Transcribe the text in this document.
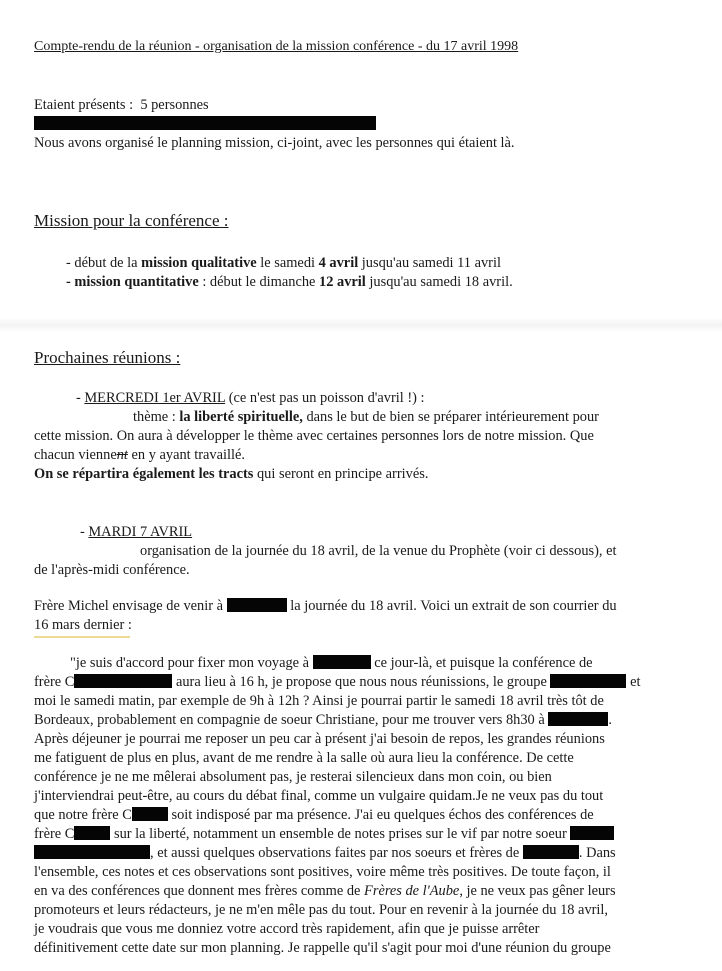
Compte-rendu de la réunion - organisation de la mission conférence - du 17 avril 1998
Etaient présents : 5 personnes
Nous avons organisé le planning mission, ci-joint, avec les personnes qui étaient là.
Mission pour la conférence :
- début de la mission qualitative le samedi 4 avril jusqu'au samedi 11 avril
- mission quantitative : début le dimanche 12 avril jusqu'au samedi 18 avril.
Prochaines réunions :
- MERCREDI 1er AVRIL (ce n'est pas un poisson d'avril !) :
thème : la liberté spirituelle, dans le but de bien se préparer intérieurement pour
cette mission. On aura à développer le thème avec certaines personnes lors de notre mission. Que
chacun viennent en y ayant travaillé.
On se répartira également les tracts qui seront en principe arrivés.
- MARDI 7 AVRIL
organisation de la journée du 18 avril, de la venue du Prophète (voir ci dessous), et
de l'après-midi conférence.
Frère Michel envisage de venir à	la journée du 18 avril. Voici un extrait de son courrier du
16 mars dernier :
"je suis d'accord pour fixer mon voyage à	ce jour-là, et puisque la conférence de
frère C	aura lieu à 16 h, je propose que nous nous réunissions, le groupe	et
moi le samedi matin, par exemple de 9h à 12h ? Ainsi je pourrai partir le samedi 18 avril très tôt de
Bordeaux, probablement en compagnie de soeur Christiane, pour me trouver vers 8h30 à	.
Après déjeuner je pourrai me reposer un peu car à présent j'ai besoin de repos, les grandes réunions
me fatiguent de plus en plus, avant de me rendre à la salle où aura lieu la conférence. De cette
conférence je ne me mêlerai absolument pas, je resterai silencieux dans mon coin, ou bien
j'interviendrai peut-être, au cours du débat final, comme un vulgaire quidam.Je ne veux pas du tout
que notre frère C	soit indisposé par ma présence. J'ai eu quelques échos des conférences de
frère C	sur la liberté, notamment un ensemble de notes prises sur le vif par notre soeur
, et aussi quelques observations faites par nos soeurs et frères de	. Dans
l'ensemble, ces notes et ces observations sont positives, voire même très positives. De toute façon, il
en va des conférences que donnent mes frères comme de Frères de l'Aube, je ne veux pas gêner leurs
promoteurs et leurs rédacteurs, je ne m'en mêle pas du tout. Pour en revenir à la journée du 18 avril,
je voudrais que vous me donniez votre accord très rapidement, afin que je puisse arrêter
définitivement cette date sur mon planning. Je rappelle qu'il s'agit pour moi d'une réunion du groupe
